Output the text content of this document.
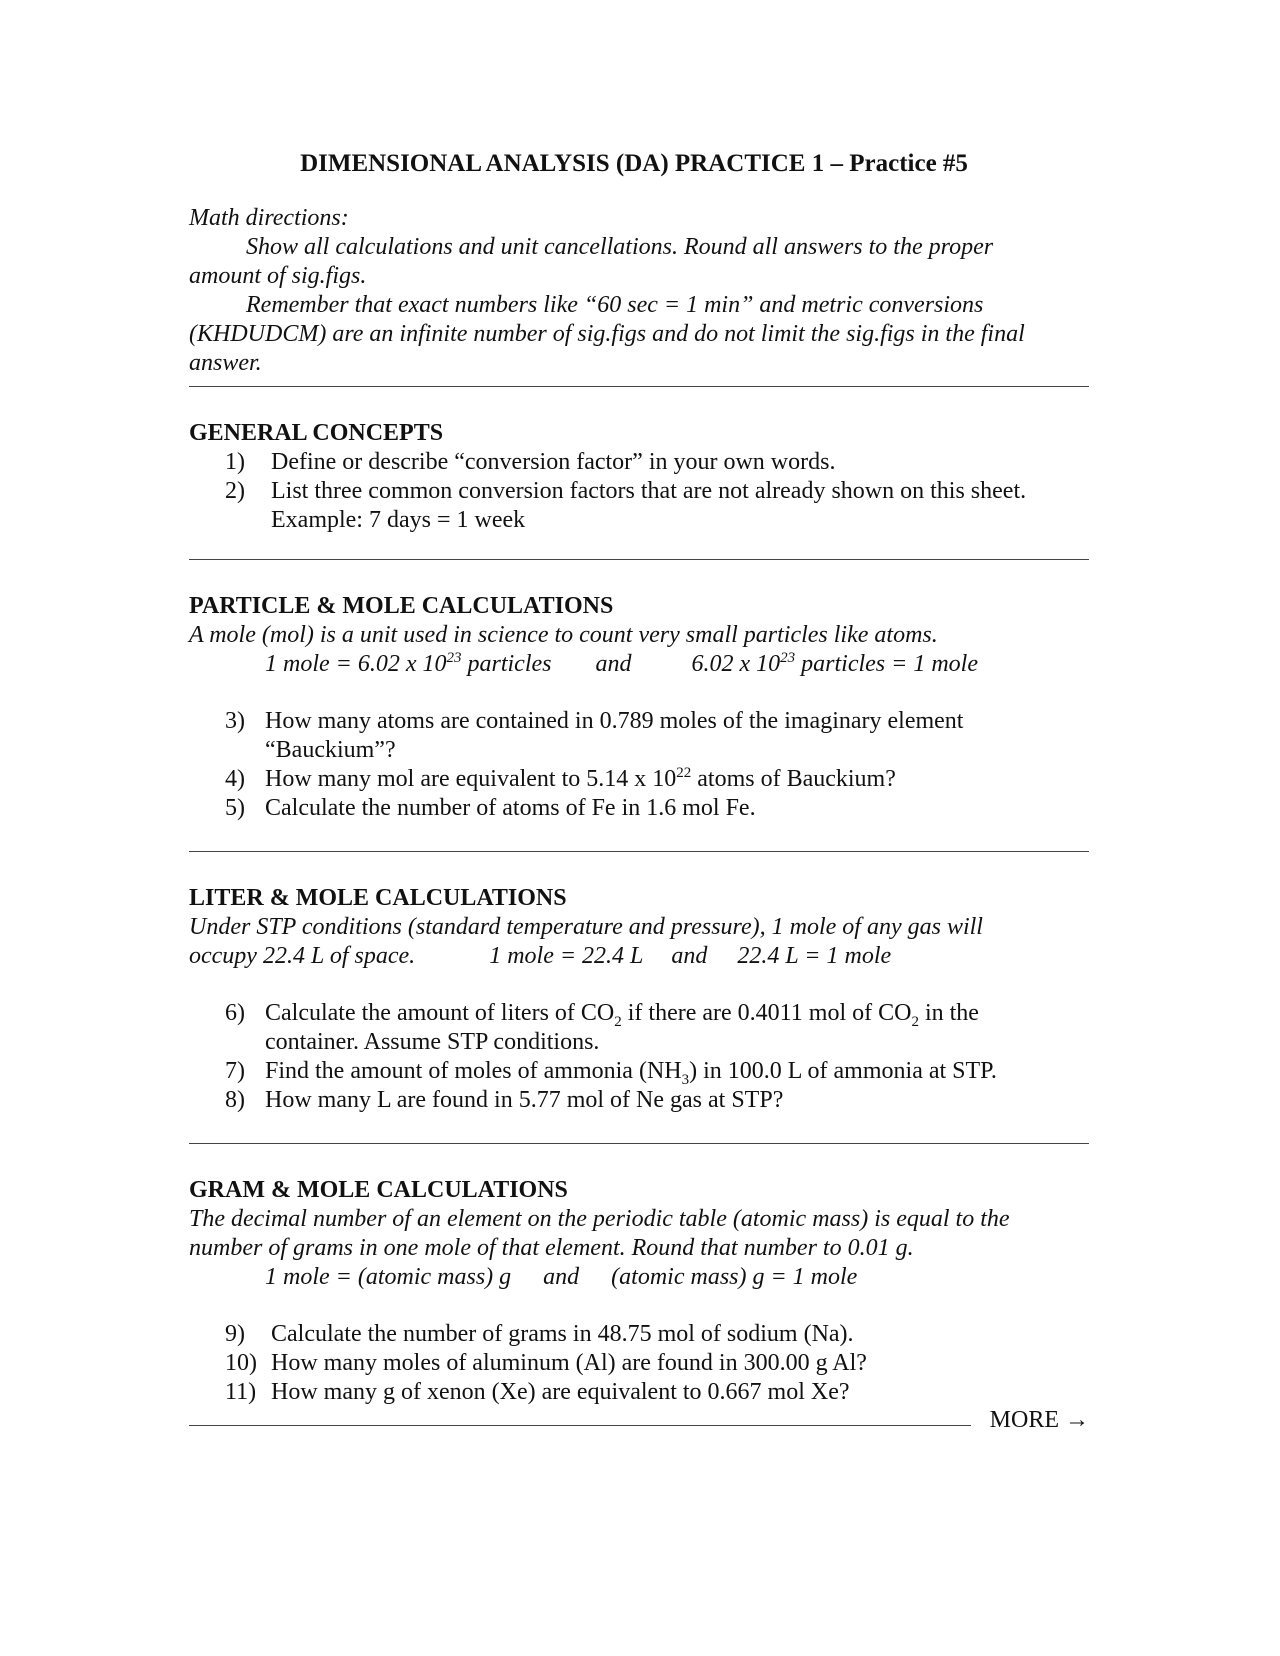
DIMENSIONAL ANALYSIS (DA) PRACTICE 1 – Practice #5
Math directions:
Show all calculations and unit cancellations. Round all answers to the proper
amount of sig.figs.
Remember that exact numbers like “60 sec = 1 min” and metric conversions
(KHDUDCM) are an infinite number of sig.figs and do not limit the sig.figs in the final
answer.
GENERAL CONCEPTS
1) Define or describe “conversion factor” in your own words.
2) List three common conversion factors that are not already shown on this sheet.
Example: 7 days = 1 week
PARTICLE & MOLE CALCULATIONS
A mole (mol) is a unit used in science to count very small particles like atoms.
1 mole = 6.02 x $10^{23}$ particles and	6.02 x $10^{23}$ particles = 1 mole
3) How many atoms are contained in 0.789 moles of the imaginary element
“Bauckium”?
4) How many mol are equivalent to 5.14 x $10^{22}$ atoms of Bauckium?
5) Calculate the number of atoms of Fe in 1.6 mol Fe.
LITER & MOLE CALCULATIONS
Under STP conditions (standard temperature and pressure), 1 mole of any gas will
occupy 22.4 L of space.	1 mole = 22.4 L and 22.4 L = 1 mole
6) Calculate the amount of liters of $CO_2$ if there are 0.4011 mol of $CO_2$ in the
container. Assume STP conditions.
7) Find the amount of moles of ammonia $(NH_3)$ in 100.0 L of ammonia at STP.
8) How many L are found in 5.77 mol of Ne gas at STP?
GRAM & MOLE CALCULATIONS
The decimal number of an element on the periodic table (atomic mass) is equal to the
number of grams in one mole of that element. Round that number to 0.01 g.
1 mole = (atomic mass) g and (atomic mass) g = 1 mole
9) Calculate the number of grams in 48.75 mol of sodium (Na).
10) How many moles of aluminum (Al) are found in 300.00 g Al?
11) How many g of xenon (Xe) are equivalent to 0.667 mol Xe?
MORE →
